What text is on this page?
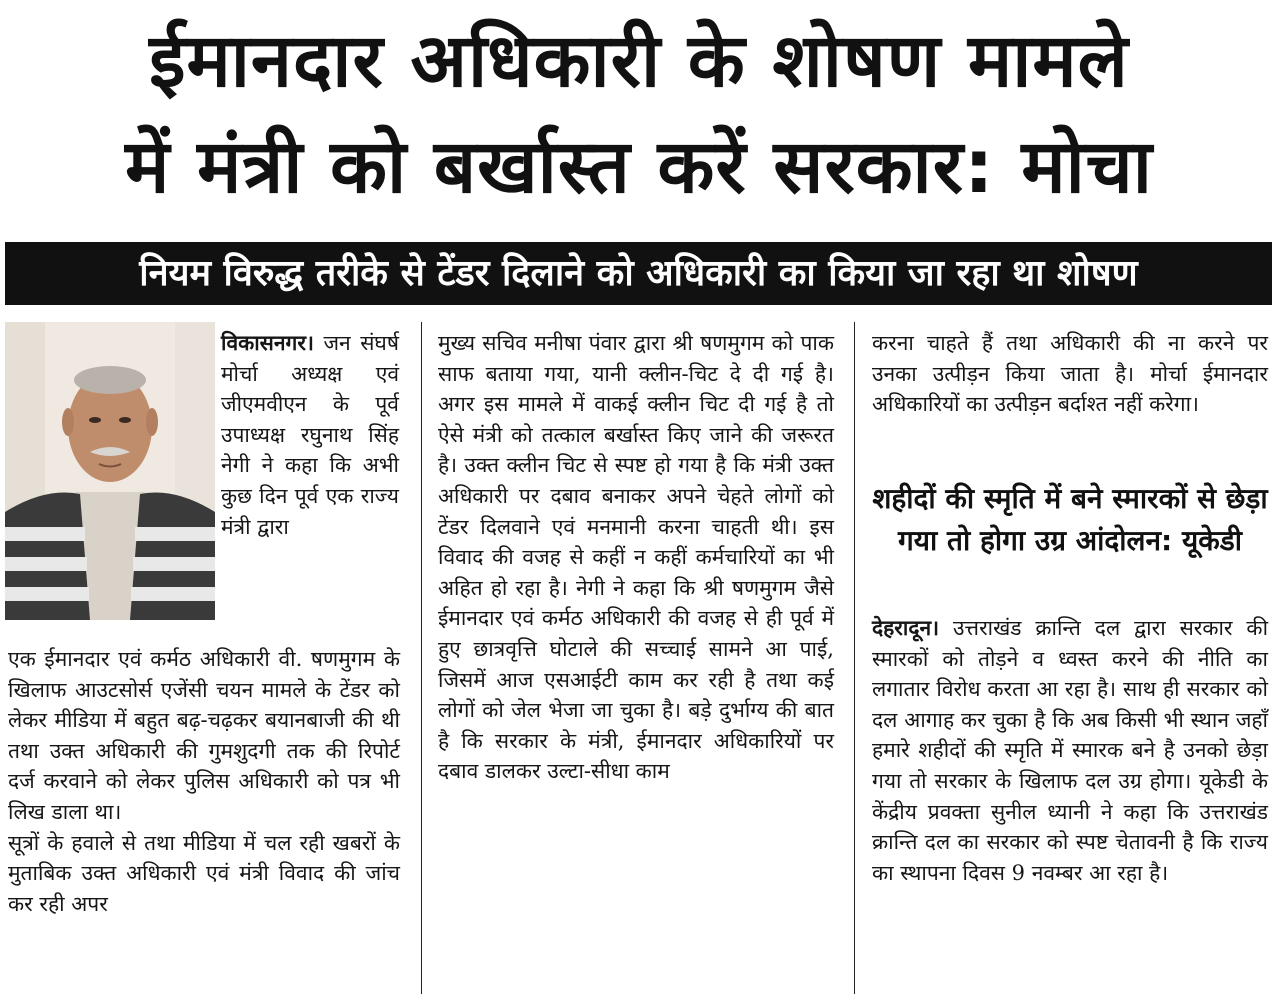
ईमानदार अधिकारी के शोषण मामले
में मंत्री को बर्खास्त करें सरकार: मोचा
नियम विरुद्ध तरीके से टेंडर दिलाने को अधिकारी का किया जा रहा था शोषण
विकासनगर। जन संघर्ष मोर्चा अध्यक्ष एवं जीएमवीएन के पूर्व उपाध्यक्ष रघुनाथ सिंह नेगी ने कहा कि अभी कुछ दिन पूर्व एक राज्य मंत्री द्वारा
एक ईमानदार एवं कर्मठ अधिकारी वी. षणमुगम के खिलाफ आउटसोर्स एजेंसी चयन मामले के टेंडर को लेकर मीडिया में बहुत बढ़-चढ़कर बयानबाजी की थी तथा उक्त अधिकारी की गुमशुदगी तक की रिपोर्ट दर्ज करवाने को लेकर पुलिस अधिकारी को पत्र भी लिख डाला था।
सूत्रों के हवाले से तथा मीडिया में चल रही खबरों के मुताबिक उक्त अधिकारी एवं मंत्री विवाद की जांच कर रही अपर
मुख्य सचिव मनीषा पंवार द्वारा श्री षणमुगम को पाक साफ बताया गया, यानी क्लीन-चिट दे दी गई है। अगर इस मामले में वाकई क्लीन चिट दी गई है तो ऐसे मंत्री को तत्काल बर्खास्त किए जाने की जरूरत है। उक्त क्लीन चिट से स्पष्ट हो गया है कि मंत्री उक्त अधिकारी पर दबाव बनाकर अपने चेहते लोगों को टेंडर दिलवाने एवं मनमानी करना चाहती थी। इस विवाद की वजह से कहीं न कहीं कर्मचारियों का भी अहित हो रहा है। नेगी ने कहा कि श्री षणमुगम जैसे ईमानदार एवं कर्मठ अधिकारी की वजह से ही पूर्व में हुए छात्रवृत्ति घोटाले की सच्चाई सामने आ पाई, जिसमें आज एसआईटी काम कर रही है तथा कई लोगों को जेल भेजा जा चुका है। बड़े दुर्भाग्य की बात है कि सरकार के मंत्री, ईमानदार अधिकारियों पर दबाव डालकर उल्टा-सीधा काम
करना चाहते हैं तथा अधिकारी की ना करने पर उनका उत्पीड़न किया जाता है। मोर्चा ईमानदार अधिकारियों का उत्पीड़न बर्दाश्त नहीं करेगा।
शहीदों की स्मृति में बने स्मारकों से छेड़ा गया तो होगा उग्र आंदोलन: यूकेडी
देहरादून। उत्तराखंड क्रान्ति दल द्वारा सरकार की स्मारकों को तोड़ने व ध्वस्त करने की नीति का लगातार विरोध करता आ रहा है। साथ ही सरकार को दल आगाह कर चुका है कि अब किसी भी स्थान जहाँ हमारे शहीदों की स्मृति में स्मारक बने है उनको छेड़ा गया तो सरकार के खिलाफ दल उग्र होगा। यूकेडी के केंद्रीय प्रवक्ता सुनील ध्यानी ने कहा कि उत्तराखंड क्रान्ति दल का सरकार को स्पष्ट चेतावनी है कि राज्य का स्थापना दिवस 9 नवम्बर आ रहा है।
